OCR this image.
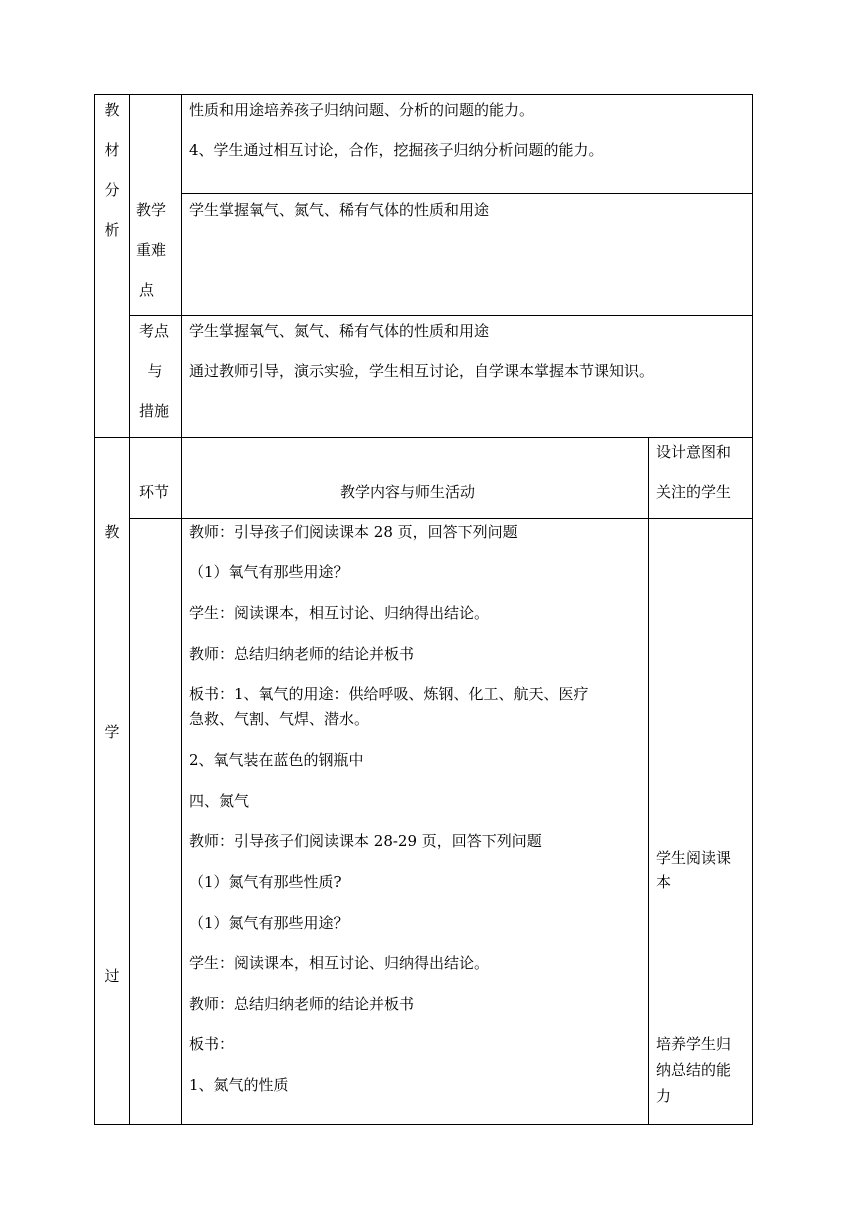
教
材
分
析
性质和用途培养孩子归纳问题、分析的问题的能力。
4、学生通过相互讨论，合作，挖掘孩子归纳分析问题的能力。
教学
重难
点
学生掌握氧气、氮气、稀有气体的性质和用途
考点
与
措施
学生掌握氧气、氮气、稀有气体的性质和用途
通过教师引导，演示实验，学生相互讨论，自学课本掌握本节课知识。
教
学
过
环节	教学内容与师生活动
设计意图和
关注的学生
教师：引导孩子们阅读课本 28 页，回答下列问题
（1）氧气有那些用途？
学生：阅读课本，相互讨论、归纳得出结论。
教师：总结归纳老师的结论并板书
板书：1、氧气的用途：供给呼吸、炼钢、化工、航天、医疗
急救、气割、气焊、潜水。
2、氧气装在蓝色的钢瓶中
四、氮气
教师：引导孩子们阅读课本 28-29 页，回答下列问题
（1）氮气有那些性质?
（1）氮气有那些用途？
学生：阅读课本，相互讨论、归纳得出结论。
教师：总结归纳老师的结论并板书
板书：
1、氮气的性质
学生阅读课
本
培养学生归
纳总结的能
力
